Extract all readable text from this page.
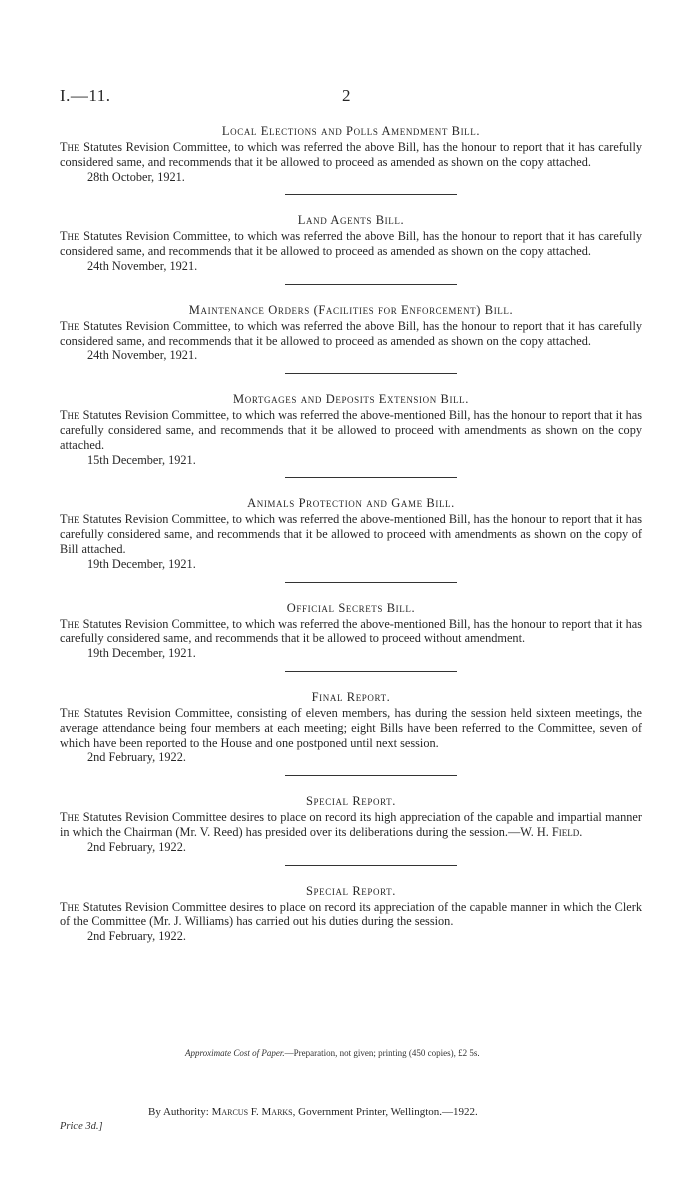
I.—11.	2
Local Elections and Polls Amendment Bill.

The Statutes Revision Committee, to which was referred the above Bill, has the honour to report that it has carefully considered same, and recommends that it be allowed to proceed as amended as shown on the copy attached.

28th October, 1921.
Land Agents Bill.

The Statutes Revision Committee, to which was referred the above Bill, has the honour to report that it has carefully considered same, and recommends that it be allowed to proceed as amended as shown on the copy attached.

24th November, 1921.
Maintenance Orders (Facilities for Enforcement) Bill.

The Statutes Revision Committee, to which was referred the above Bill, has the honour to report that it has carefully considered same, and recommends that it be allowed to proceed as amended as shown on the copy attached.

24th November, 1921.
Mortgages and Deposits Extension Bill.

The Statutes Revision Committee, to which was referred the above-mentioned Bill, has the honour to report that it has carefully considered same, and recommends that it be allowed to proceed with amendments as shown on the copy attached.

15th December, 1921.
Animals Protection and Game Bill.

The Statutes Revision Committee, to which was referred the above-mentioned Bill, has the honour to report that it has carefully considered same, and recommends that it be allowed to proceed with amendments as shown on the copy of Bill attached.

19th December, 1921.
Official Secrets Bill.

The Statutes Revision Committee, to which was referred the above-mentioned Bill, has the honour to report that it has carefully considered same, and recommends that it be allowed to proceed without amendment.

19th December, 1921.
Final Report.

The Statutes Revision Committee, consisting of eleven members, has during the session held sixteen meetings, the average attendance being four members at each meeting; eight Bills have been referred to the Committee, seven of which have been reported to the House and one postponed until next session.

2nd February, 1922.
Special Report.

The Statutes Revision Committee desires to place on record its high appreciation of the capable and impartial manner in which the Chairman (Mr. V. Reed) has presided over its deliberations during the session.—W. H. Field.

2nd February, 1922.
Special Report.

The Statutes Revision Committee desires to place on record its appreciation of the capable manner in which the Clerk of the Committee (Mr. J. Williams) has carried out his duties during the session.

2nd February, 1922.
Approximate Cost of Paper.—Preparation, not given; printing (450 copies), £2 5s.
By Authority: Marcus F. Marks, Government Printer, Wellington.—1922.
Price 3d.]
